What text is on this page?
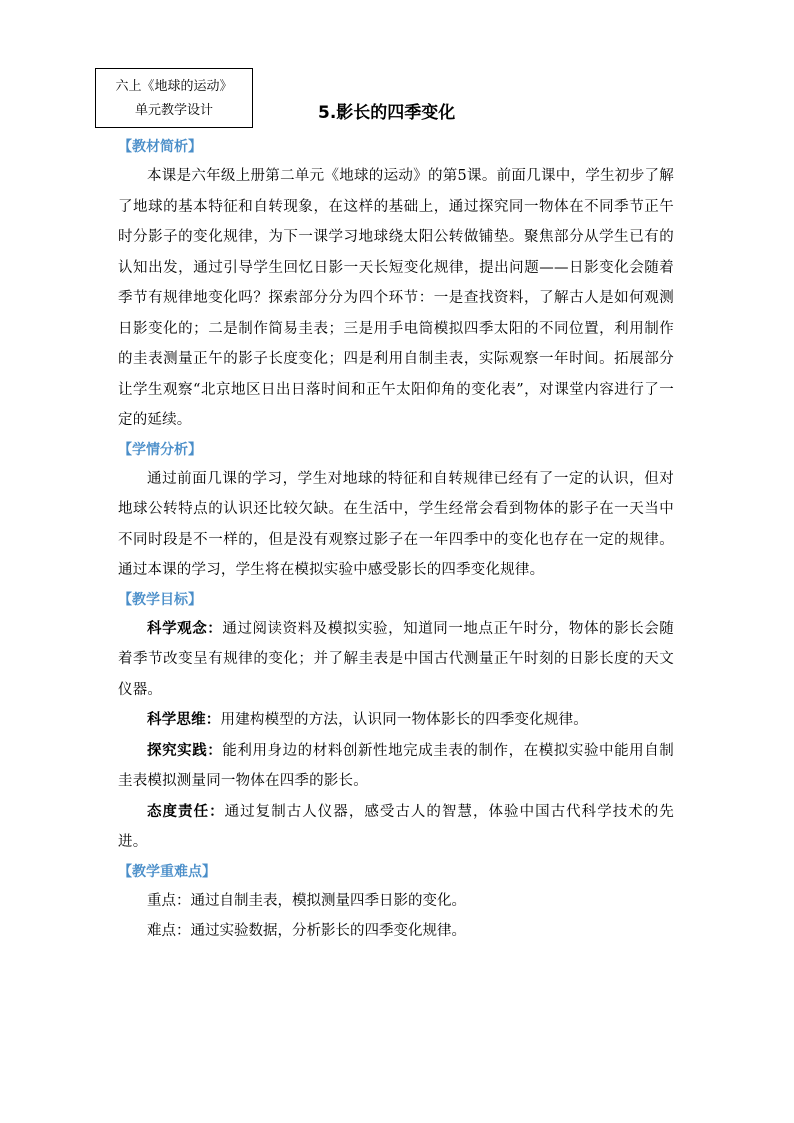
六上《地球的运动》
单元教学设计	5.影长的四季变化
【教材简析】

本课是六年级上册第二单元《地球的运动》的第5课。前面几课中，学生初步了解了地球的基本特征和自转现象，在这样的基础上，通过探究同一物体在不同季节正午时分影子的变化规律，为下一课学习地球绕太阳公转做铺垫。聚焦部分从学生已有的认知出发，通过引导学生回忆日影一天长短变化规律，提出问题——日影变化会随着季节有规律地变化吗？探索部分分为四个环节：一是查找资料，了解古人是如何观测日影变化的；二是制作简易圭表；三是用手电筒模拟四季太阳的不同位置，利用制作的圭表测量正午的影子长度变化；四是利用自制圭表，实际观察一年时间。拓展部分让学生观察“北京地区日出日落时间和正午太阳仰角的变化表”，对课堂内容进行了一定的延续。

【学情分析】

通过前面几课的学习，学生对地球的特征和自转规律已经有了一定的认识，但对地球公转特点的认识还比较欠缺。在生活中，学生经常会看到物体的影子在一天当中不同时段是不一样的，但是没有观察过影子在一年四季中的变化也存在一定的规律。通过本课的学习，学生将在模拟实验中感受影长的四季变化规律。

【教学目标】

科学观念：通过阅读资料及模拟实验，知道同一地点正午时分，物体的影长会随着季节改变呈有规律的变化；并了解圭表是中国古代测量正午时刻的日影长度的天文仪器。

科学思维：用建构模型的方法，认识同一物体影长的四季变化规律。

探究实践：能利用身边的材料创新性地完成圭表的制作，在模拟实验中能用自制圭表模拟测量同一物体在四季的影长。

态度责任：通过复制古人仪器，感受古人的智慧，体验中国古代科学技术的先进。

【教学重难点】

重点：通过自制圭表，模拟测量四季日影的变化。

难点：通过实验数据，分析影长的四季变化规律。
